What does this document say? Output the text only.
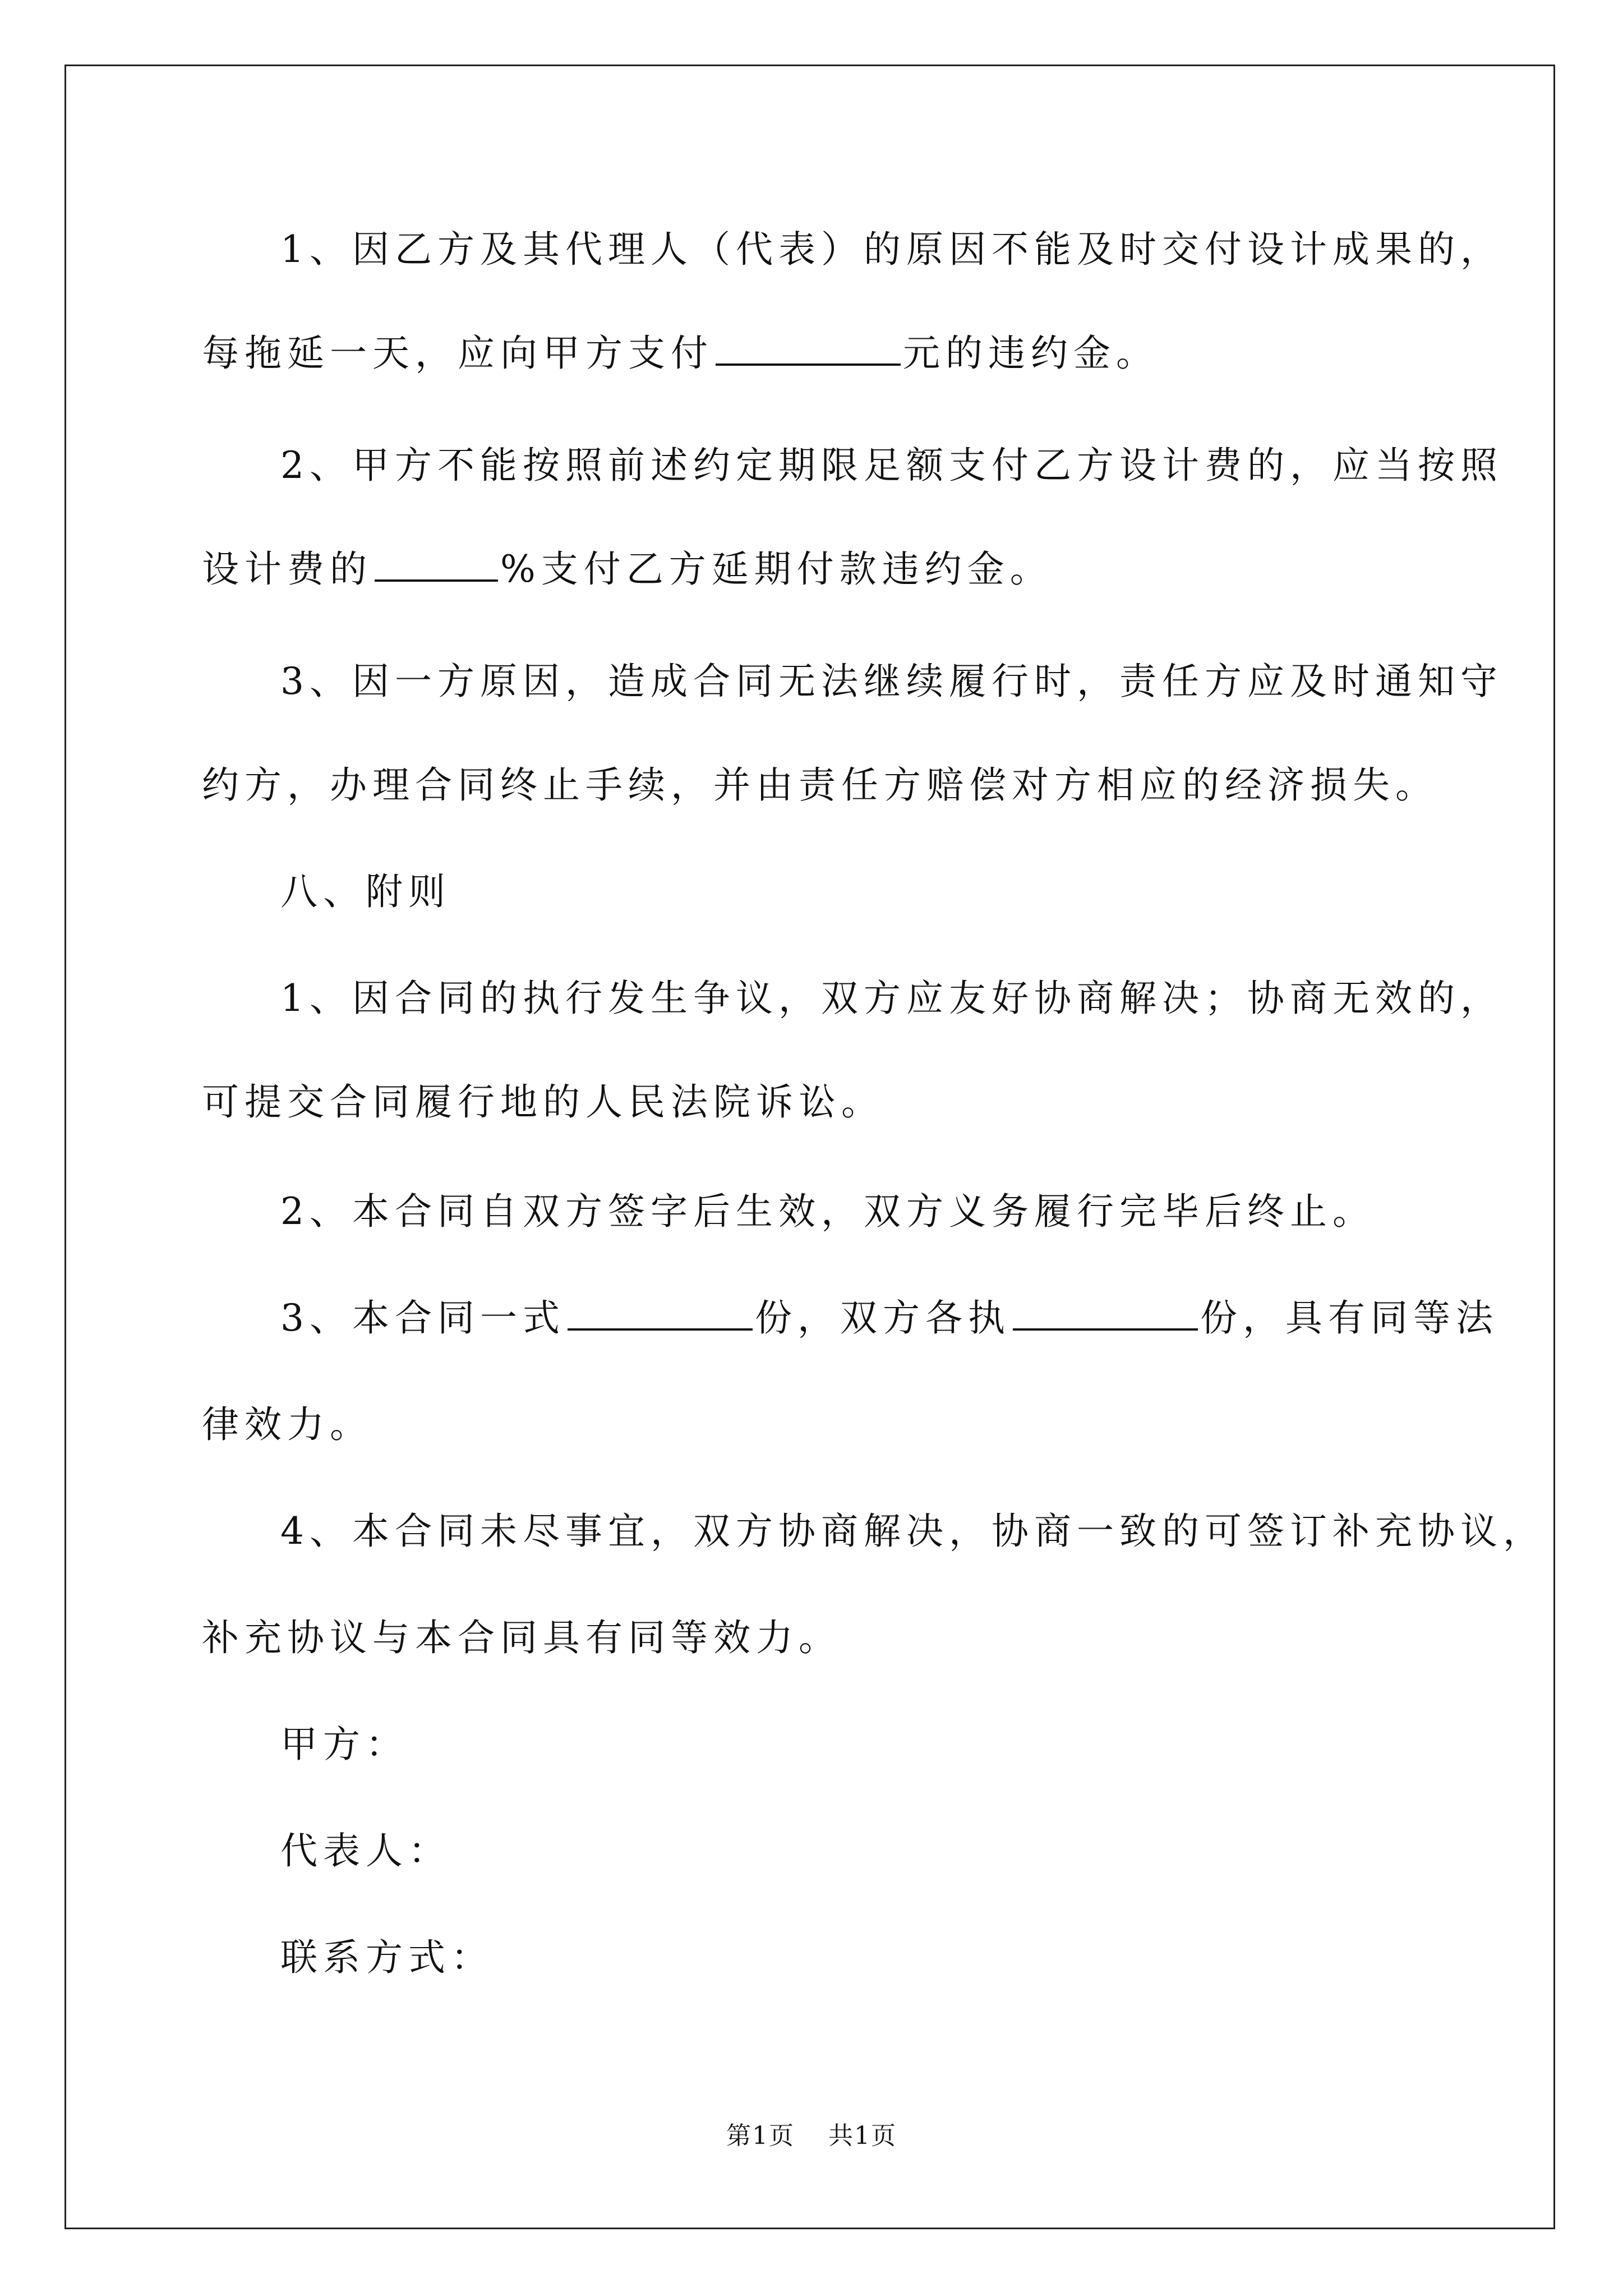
1、因乙方及其代理人（代表）的原因不能及时交付设计成果的，
每拖延一天，应向甲方支付	元的违约金。
2、甲方不能按照前述约定期限足额支付乙方设计费的，应当按照
设计费的	%支付乙方延期付款违约金。
3、因一方原因，造成合同无法继续履行时，责任方应及时通知守
约方，办理合同终止手续，并由责任方赔偿对方相应的经济损失。
八、附则
1、因合同的执行发生争议，双方应友好协商解决；协商无效的，
可提交合同履行地的人民法院诉讼。
2、本合同自双方签字后生效，双方义务履行完毕后终止。
3、本合同一式	份，双方各执	份，具有同等法
律效力。
4、本合同未尽事宜，双方协商解决，协商一致的可签订补充协议，
补充协议与本合同具有同等效力。
甲方：
代表人：
联系方式：
第1页 共1页
